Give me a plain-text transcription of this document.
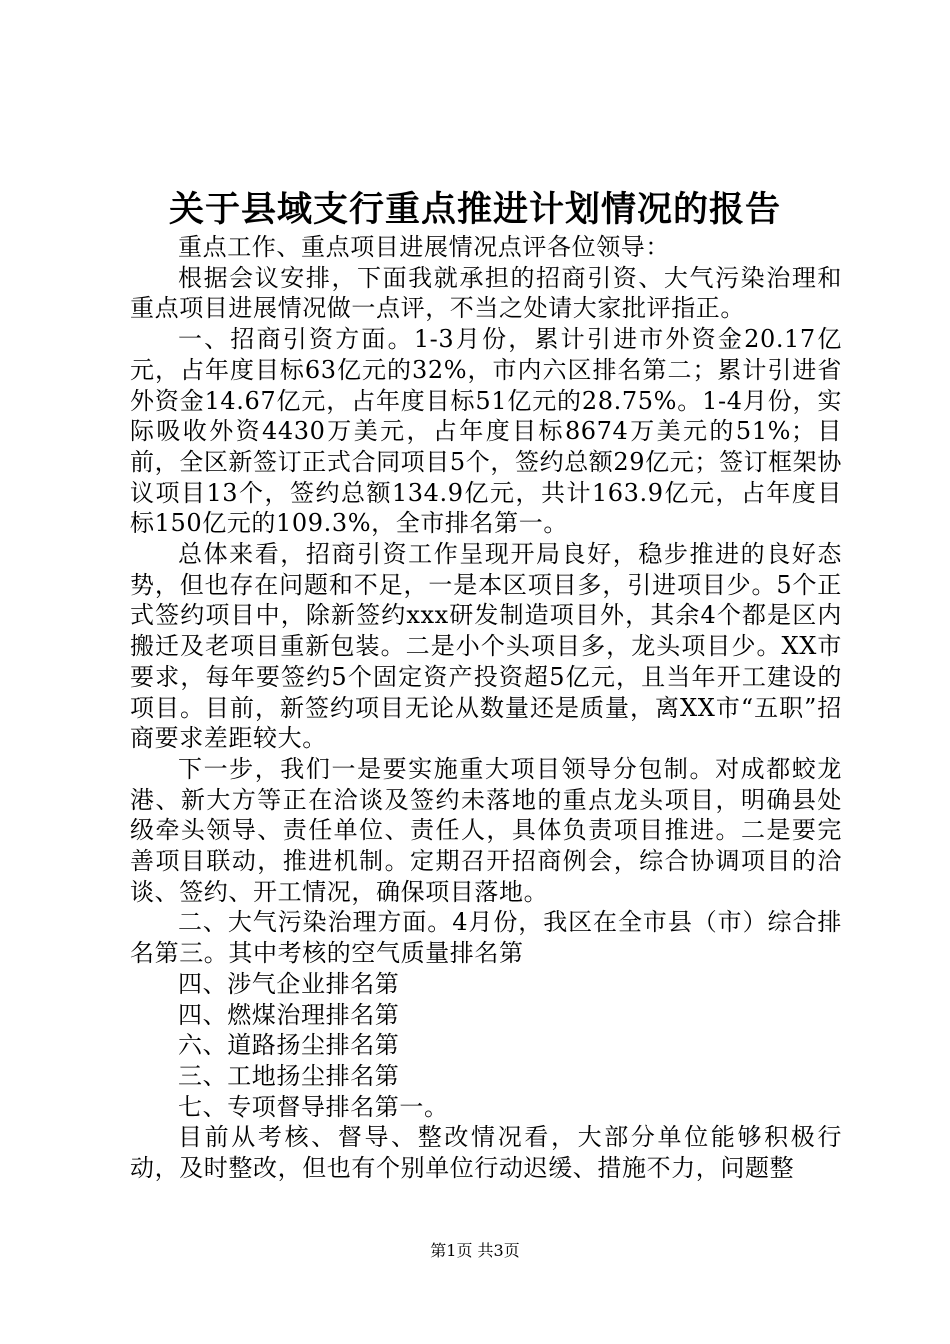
关于县域支行重点推进计划情况的报告

重点工作、重点项目进展情况点评各位领导：

根据会议安排，下面我就承担的招商引资、大气污染治理和重点项目进展情况做一点评，不当之处请大家批评指正。

一、招商引资方面。1-3月份，累计引进市外资金20.17亿元，占年度目标63亿元的32%，市内六区排名第二；累计引进省外资金14.67亿元，占年度目标51亿元的28.75%。1-4月份，实际吸收外资4430万美元，占年度目标8674万美元的51%；目前，全区新签订正式合同项目5个，签约总额29亿元；签订框架协议项目13个，签约总额134.9亿元，共计163.9亿元，占年度目标150亿元的109.3%，全市排名第一。

总体来看，招商引资工作呈现开局良好，稳步推进的良好态势，但也存在问题和不足，一是本区项目多，引进项目少。5个正式签约项目中，除新签约xxx研发制造项目外，其余4个都是区内搬迁及老项目重新包装。二是小个头项目多，龙头项目少。XX市要求，每年要签约5个固定资产投资超5亿元，且当年开工建设的项目。目前，新签约项目无论从数量还是质量，离XX市“五职”招商要求差距较大。

下一步，我们一是要实施重大项目领导分包制。对成都蛟龙港、新大方等正在洽谈及签约未落地的重点龙头项目，明确县处级牵头领导、责任单位、责任人，具体负责项目推进。二是要完善项目联动，推进机制。定期召开招商例会，综合协调项目的洽谈、签约、开工情况，确保项目落地。

二、大气污染治理方面。4月份，我区在全市县（市）综合排名第三。其中考核的空气质量排名第

四、涉气企业排名第

四、燃煤治理排名第

六、道路扬尘排名第

三、工地扬尘排名第

七、专项督导排名第一。

目前从考核、督导、整改情况看，大部分单位能够积极行动，及时整改，但也有个别单位行动迟缓、措施不力，问题整

第1页 共3页
